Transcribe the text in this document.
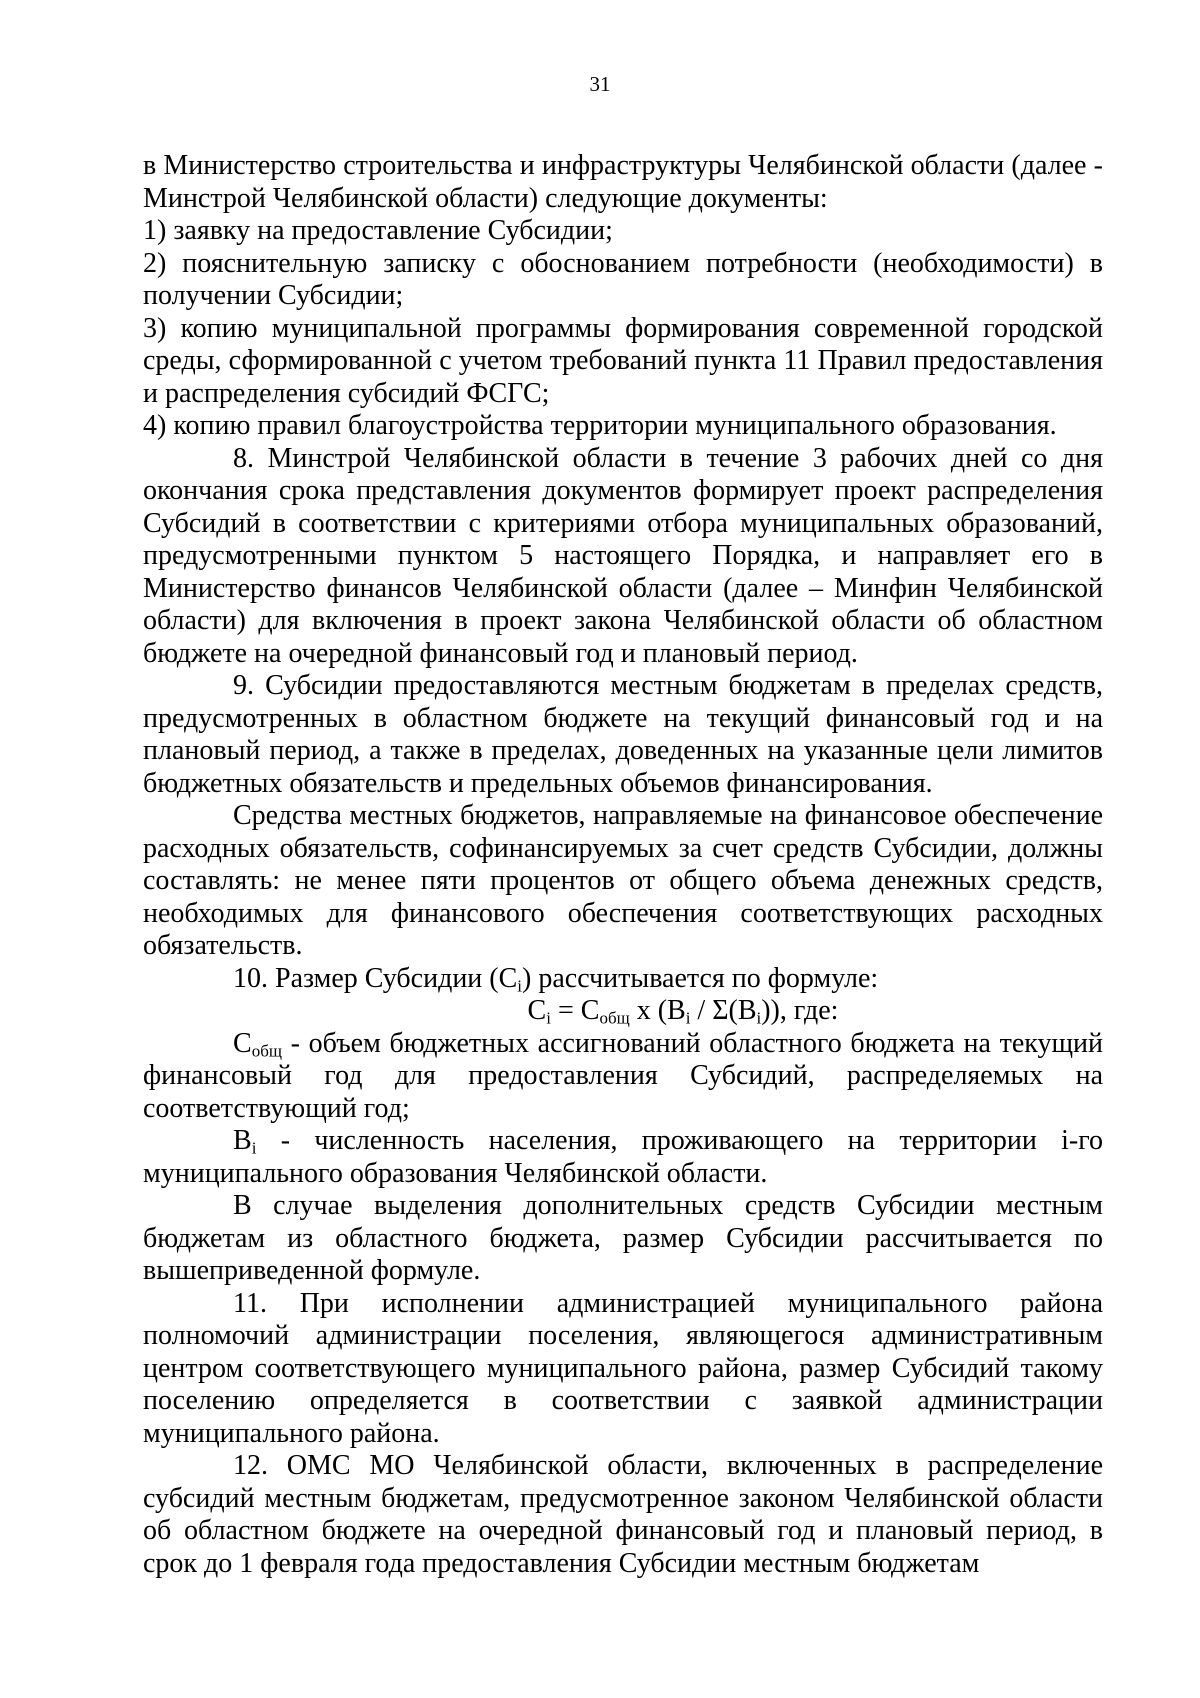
31

в Министерство строительства и инфраструктуры Челябинской области (далее - Минстрой Челябинской области) следующие документы:

1) заявку на предоставление Субсидии;

2) пояснительную записку с обоснованием потребности (необходимости) в получении Субсидии;

3) копию муниципальной программы формирования современной городской среды, сформированной с учетом требований пункта 11 Правил предоставления и распределения субсидий ФСГС;

4) копию правил благоустройства территории муниципального образования.

8. Минстрой Челябинской области в течение 3 рабочих дней со дня окончания срока представления документов формирует проект распределения Субсидий в соответствии с критериями отбора муниципальных образований, предусмотренными пунктом 5 настоящего Порядка, и направляет его в Министерство финансов Челябинской области (далее – Минфин Челябинской области) для включения в проект закона Челябинской области об областном бюджете на очередной финансовый год и плановый период.

9. Субсидии предоставляются местным бюджетам в пределах средств, предусмотренных в областном бюджете на текущий финансовый год и на плановый период, а также в пределах, доведенных на указанные цели лимитов бюджетных обязательств и предельных объемов финансирования.

Средства местных бюджетов, направляемые на финансовое обеспечение расходных обязательств, софинансируемых за счет средств Субсидии, должны составлять: не менее пяти процентов от общего объема денежных средств, необходимых для финансового обеспечения соответствующих расходных обязательств.

10. Размер Субсидии $(C_i)$ рассчитывается по формуле:

$C_i = C_{общ}$ x $(B_i / \Sigma(B_i))$, где:

$C_{общ}$ - объем бюджетных ассигнований областного бюджета на текущий финансовый год для предоставления Субсидий, распределяемых на соответствующий год;

$B_i$ - численность населения, проживающего на территории i-го муниципального образования Челябинской области.

В случае выделения дополнительных средств Субсидии местным бюджетам из областного бюджета, размер Субсидии рассчитывается по вышеприведенной формуле.

11. При исполнении администрацией муниципального района полномочий администрации поселения, являющегося административным центром соответствующего муниципального района, размер Субсидий такому поселению определяется в соответствии с заявкой администрации муниципального района.

12. ОМС МО Челябинской области, включенных в распределение субсидий местным бюджетам, предусмотренное законом Челябинской области об областном бюджете на очередной финансовый год и плановый период, в срок до 1 февраля года предоставления Субсидии местным бюджетам
